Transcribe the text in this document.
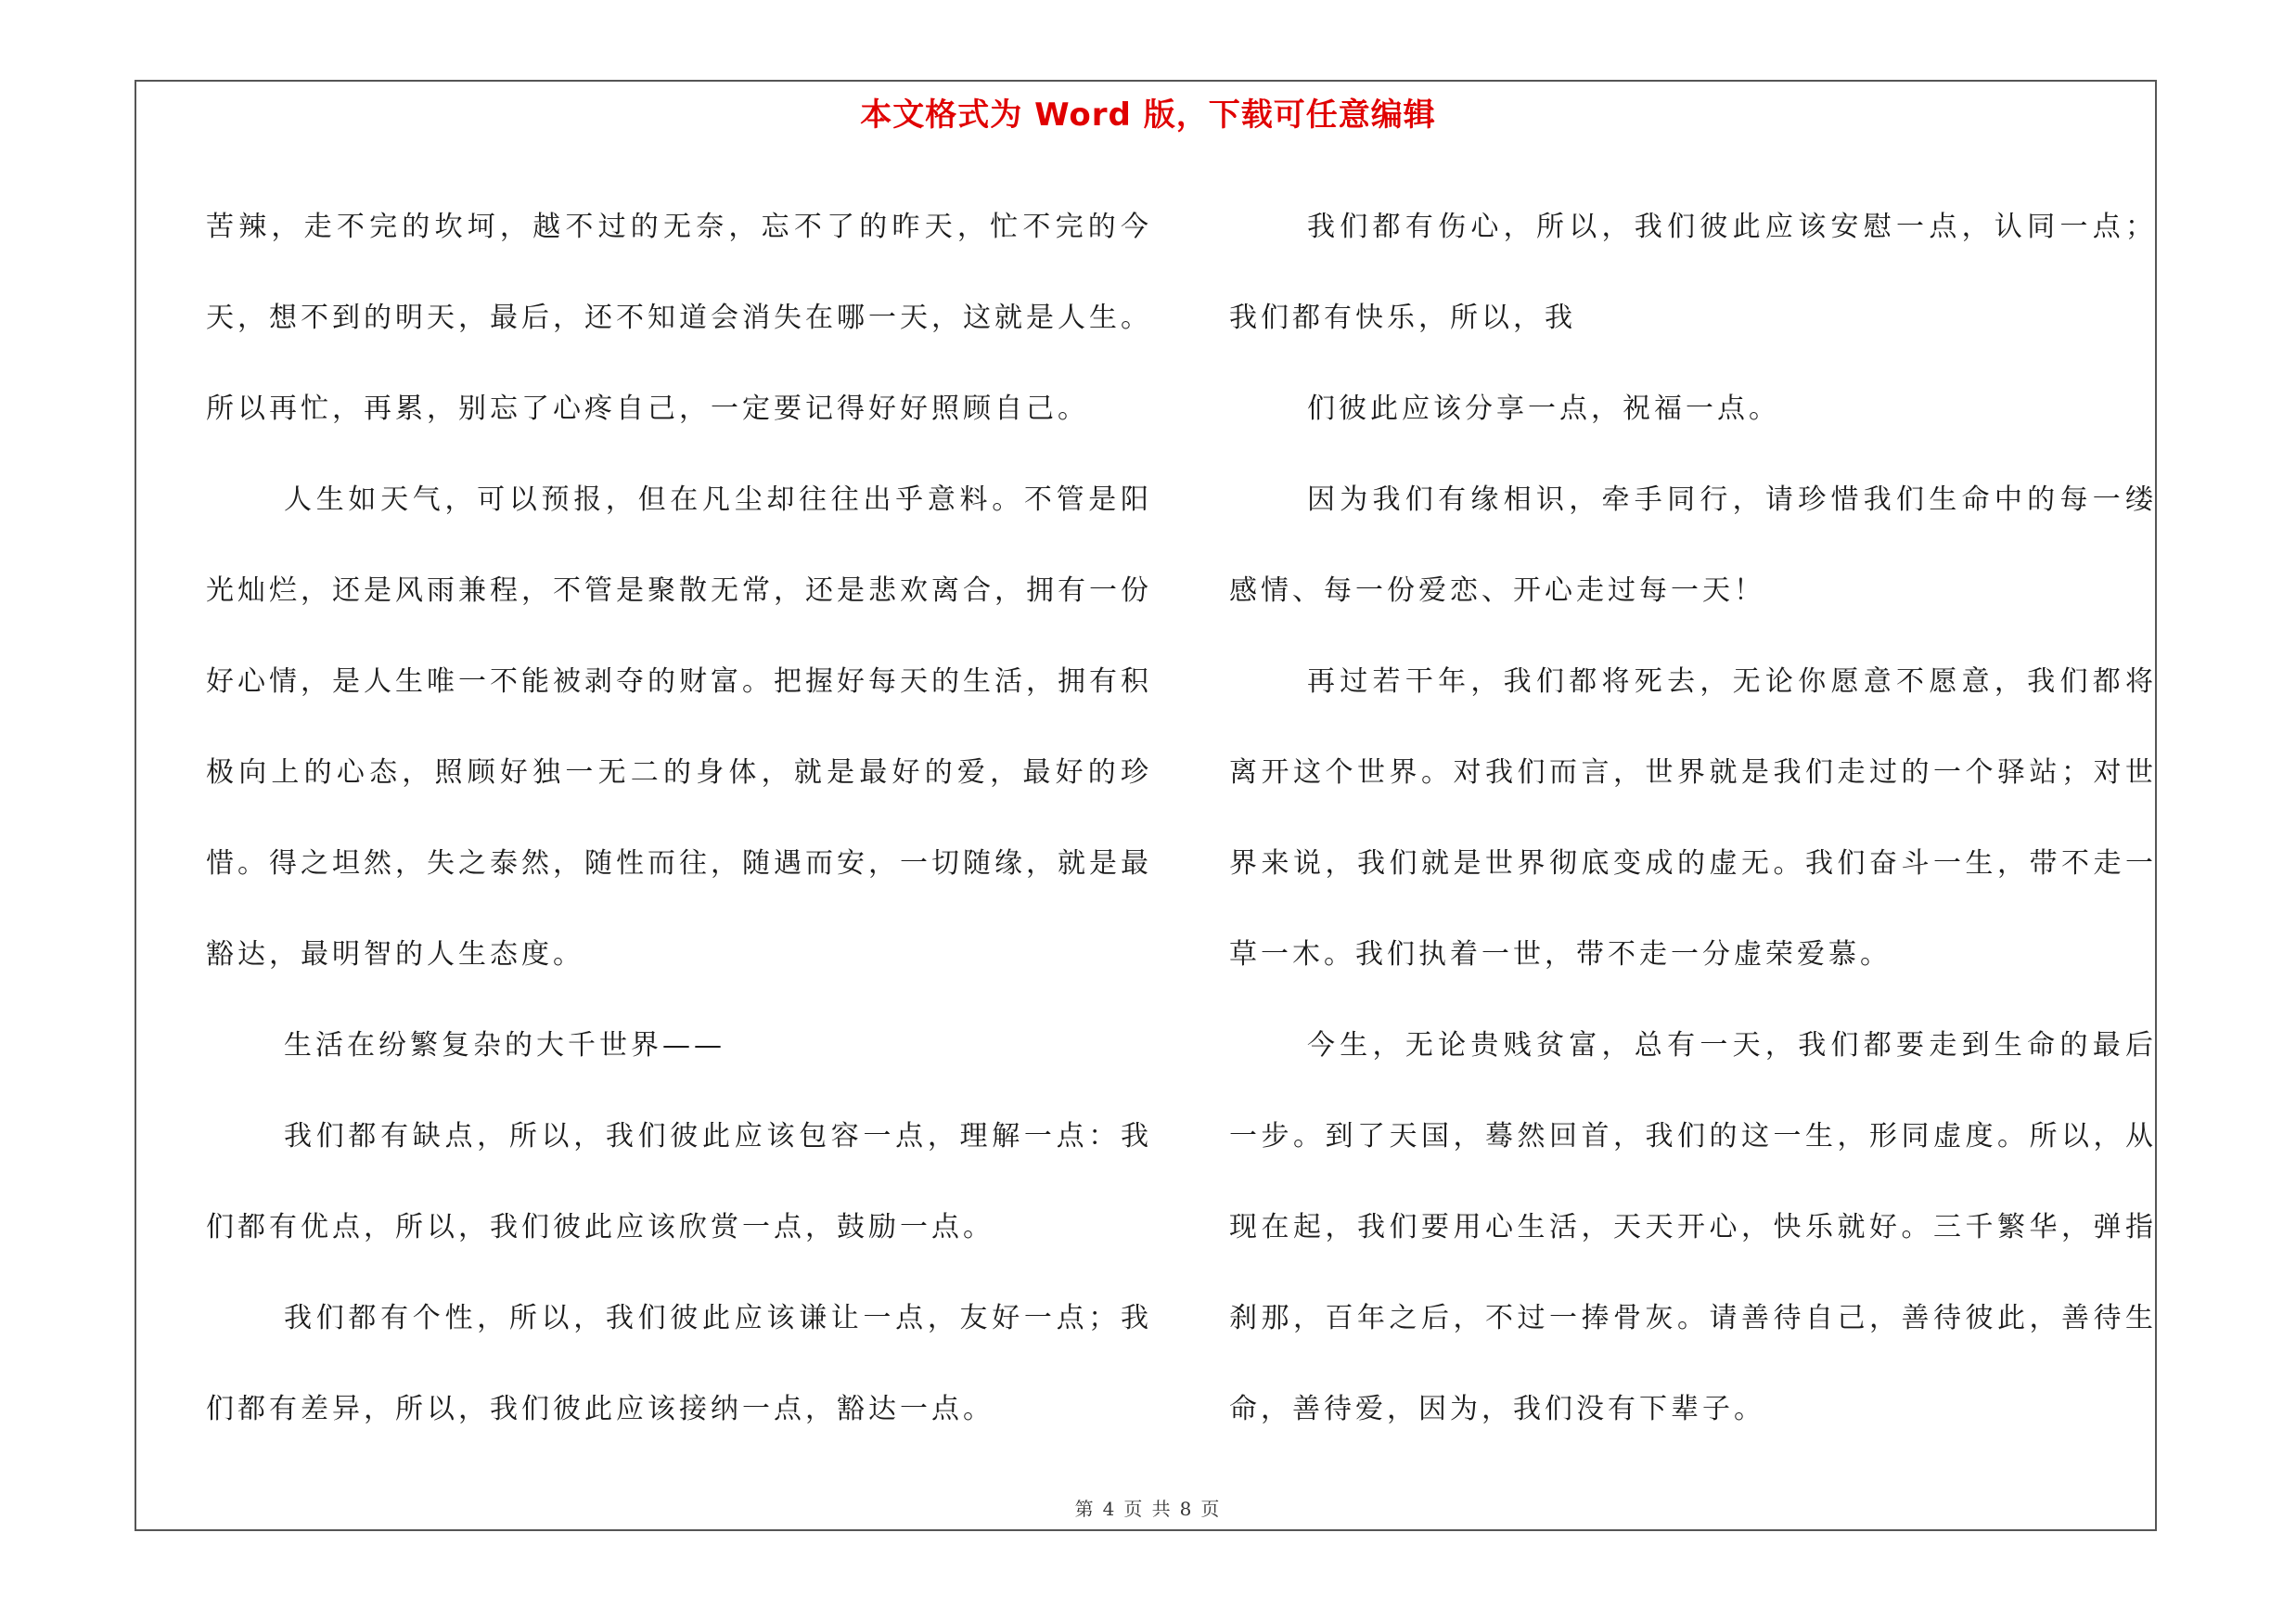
本文格式为 Word 版，下载可任意编辑

苦辣，走不完的坎坷，越不过的无奈，忘不了的昨天，忙不完的今天，想不到的明天，最后，还不知道会消失在哪一天，这就是人生。所以再忙，再累，别忘了心疼自己，一定要记得好好照顾自己。

人生如天气，可以预报，但在凡尘却往往出乎意料。不管是阳光灿烂，还是风雨兼程，不管是聚散无常，还是悲欢离合，拥有一份好心情，是人生唯一不能被剥夺的财富。把握好每天的生活，拥有积极向上的心态，照顾好独一无二的身体，就是最好的爱，最好的珍惜。得之坦然，失之泰然，随性而往，随遇而安，一切随缘，就是最豁达，最明智的人生态度。

生活在纷繁复杂的大千世界——

我们都有缺点，所以，我们彼此应该包容一点，理解一点：我们都有优点，所以，我们彼此应该欣赏一点，鼓励一点。

我们都有个性，所以，我们彼此应该谦让一点，友好一点；我们都有差异，所以，我们彼此应该接纳一点，豁达一点。

我们都有伤心，所以，我们彼此应该安慰一点，认同一点；我们都有快乐，所以，我

们彼此应该分享一点，祝福一点。

因为我们有缘相识，牵手同行，请珍惜我们生命中的每一缕感情、每一份爱恋、开心走过每一天！

再过若干年，我们都将死去，无论你愿意不愿意，我们都将离开这个世界。对我们而言，世界就是我们走过的一个驿站；对世界来说，我们就是世界彻底变成的虚无。我们奋斗一生，带不走一草一木。我们执着一世，带不走一分虚荣爱慕。

今生，无论贵贱贫富，总有一天，我们都要走到生命的最后一步。到了天国，蓦然回首，我们的这一生，形同虚度。所以，从现在起，我们要用心生活，天天开心，快乐就好。三千繁华，弹指刹那，百年之后，不过一捧骨灰。请善待自己，善待彼此，善待生命，善待爱，因为，我们没有下辈子。

第 4 页 共 8 页
